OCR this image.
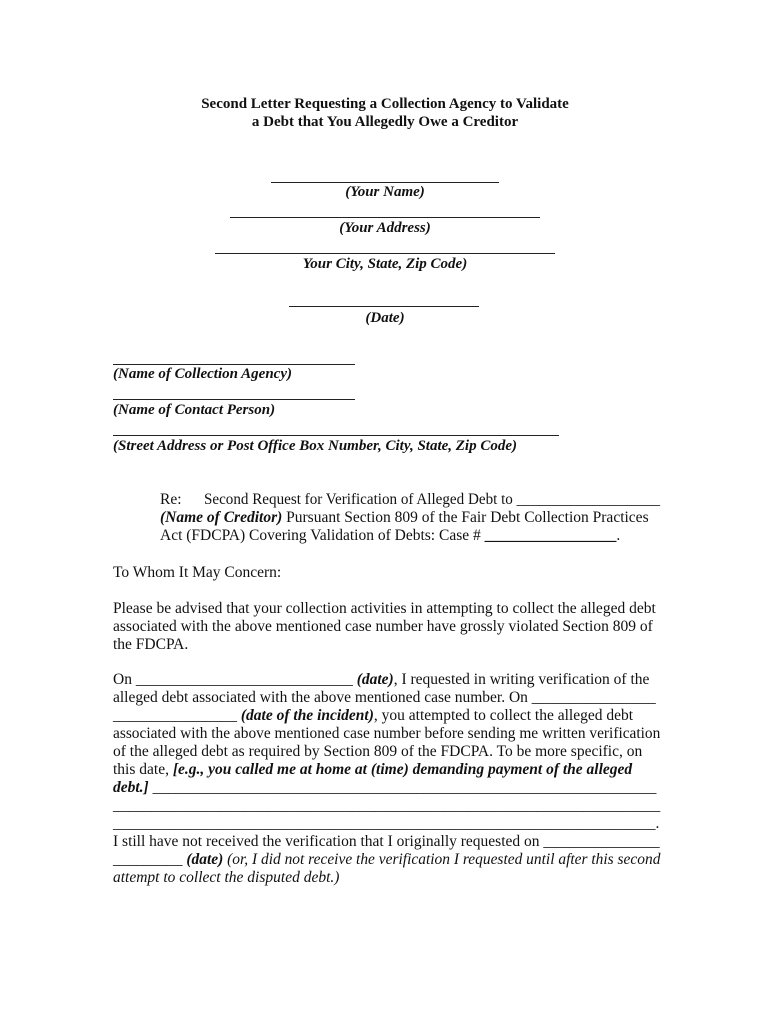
Second Letter Requesting a Collection Agency to Validate
a Debt that You Allegedly Owe a Creditor
(Your Name)
(Your Address)
Your City, State, Zip Code)
(Date)
(Name of Collection Agency)
(Name of Contact Person)
(Street Address or Post Office Box Number, City, State, Zip Code)
Re: Second Request for Verification of Alleged Debt to ___________________
(Name of Creditor) Pursuant Section 809 of the Fair Debt Collection Practices
Act (FDCPA) Covering Validation of Debts: Case # _________________.
To Whom It May Concern:
Please be advised that your collection activities in attempting to collect the alleged debt
associated with the above mentioned case number have grossly violated Section 809 of
the FDCPA.
On ____________________________ (date), I requested in writing verification of the
alleged debt associated with the above mentioned case number. On ________________
________________ (date of the incident), you attempted to collect the alleged debt
associated with the above mentioned case number before sending me written verification
of the alleged debt as required by Section 809 of the FDCPA. To be more specific, on
this date, [e.g., you called me at home at (time) demanding payment of the alleged
debt.] _________________________________________________________________
_______________________________________________________________________
______________________________________________________________________.
I still have not received the verification that I originally requested on _______________
_________ (date) (or, I did not receive the verification I requested until after this second
attempt to collect the disputed debt.)
